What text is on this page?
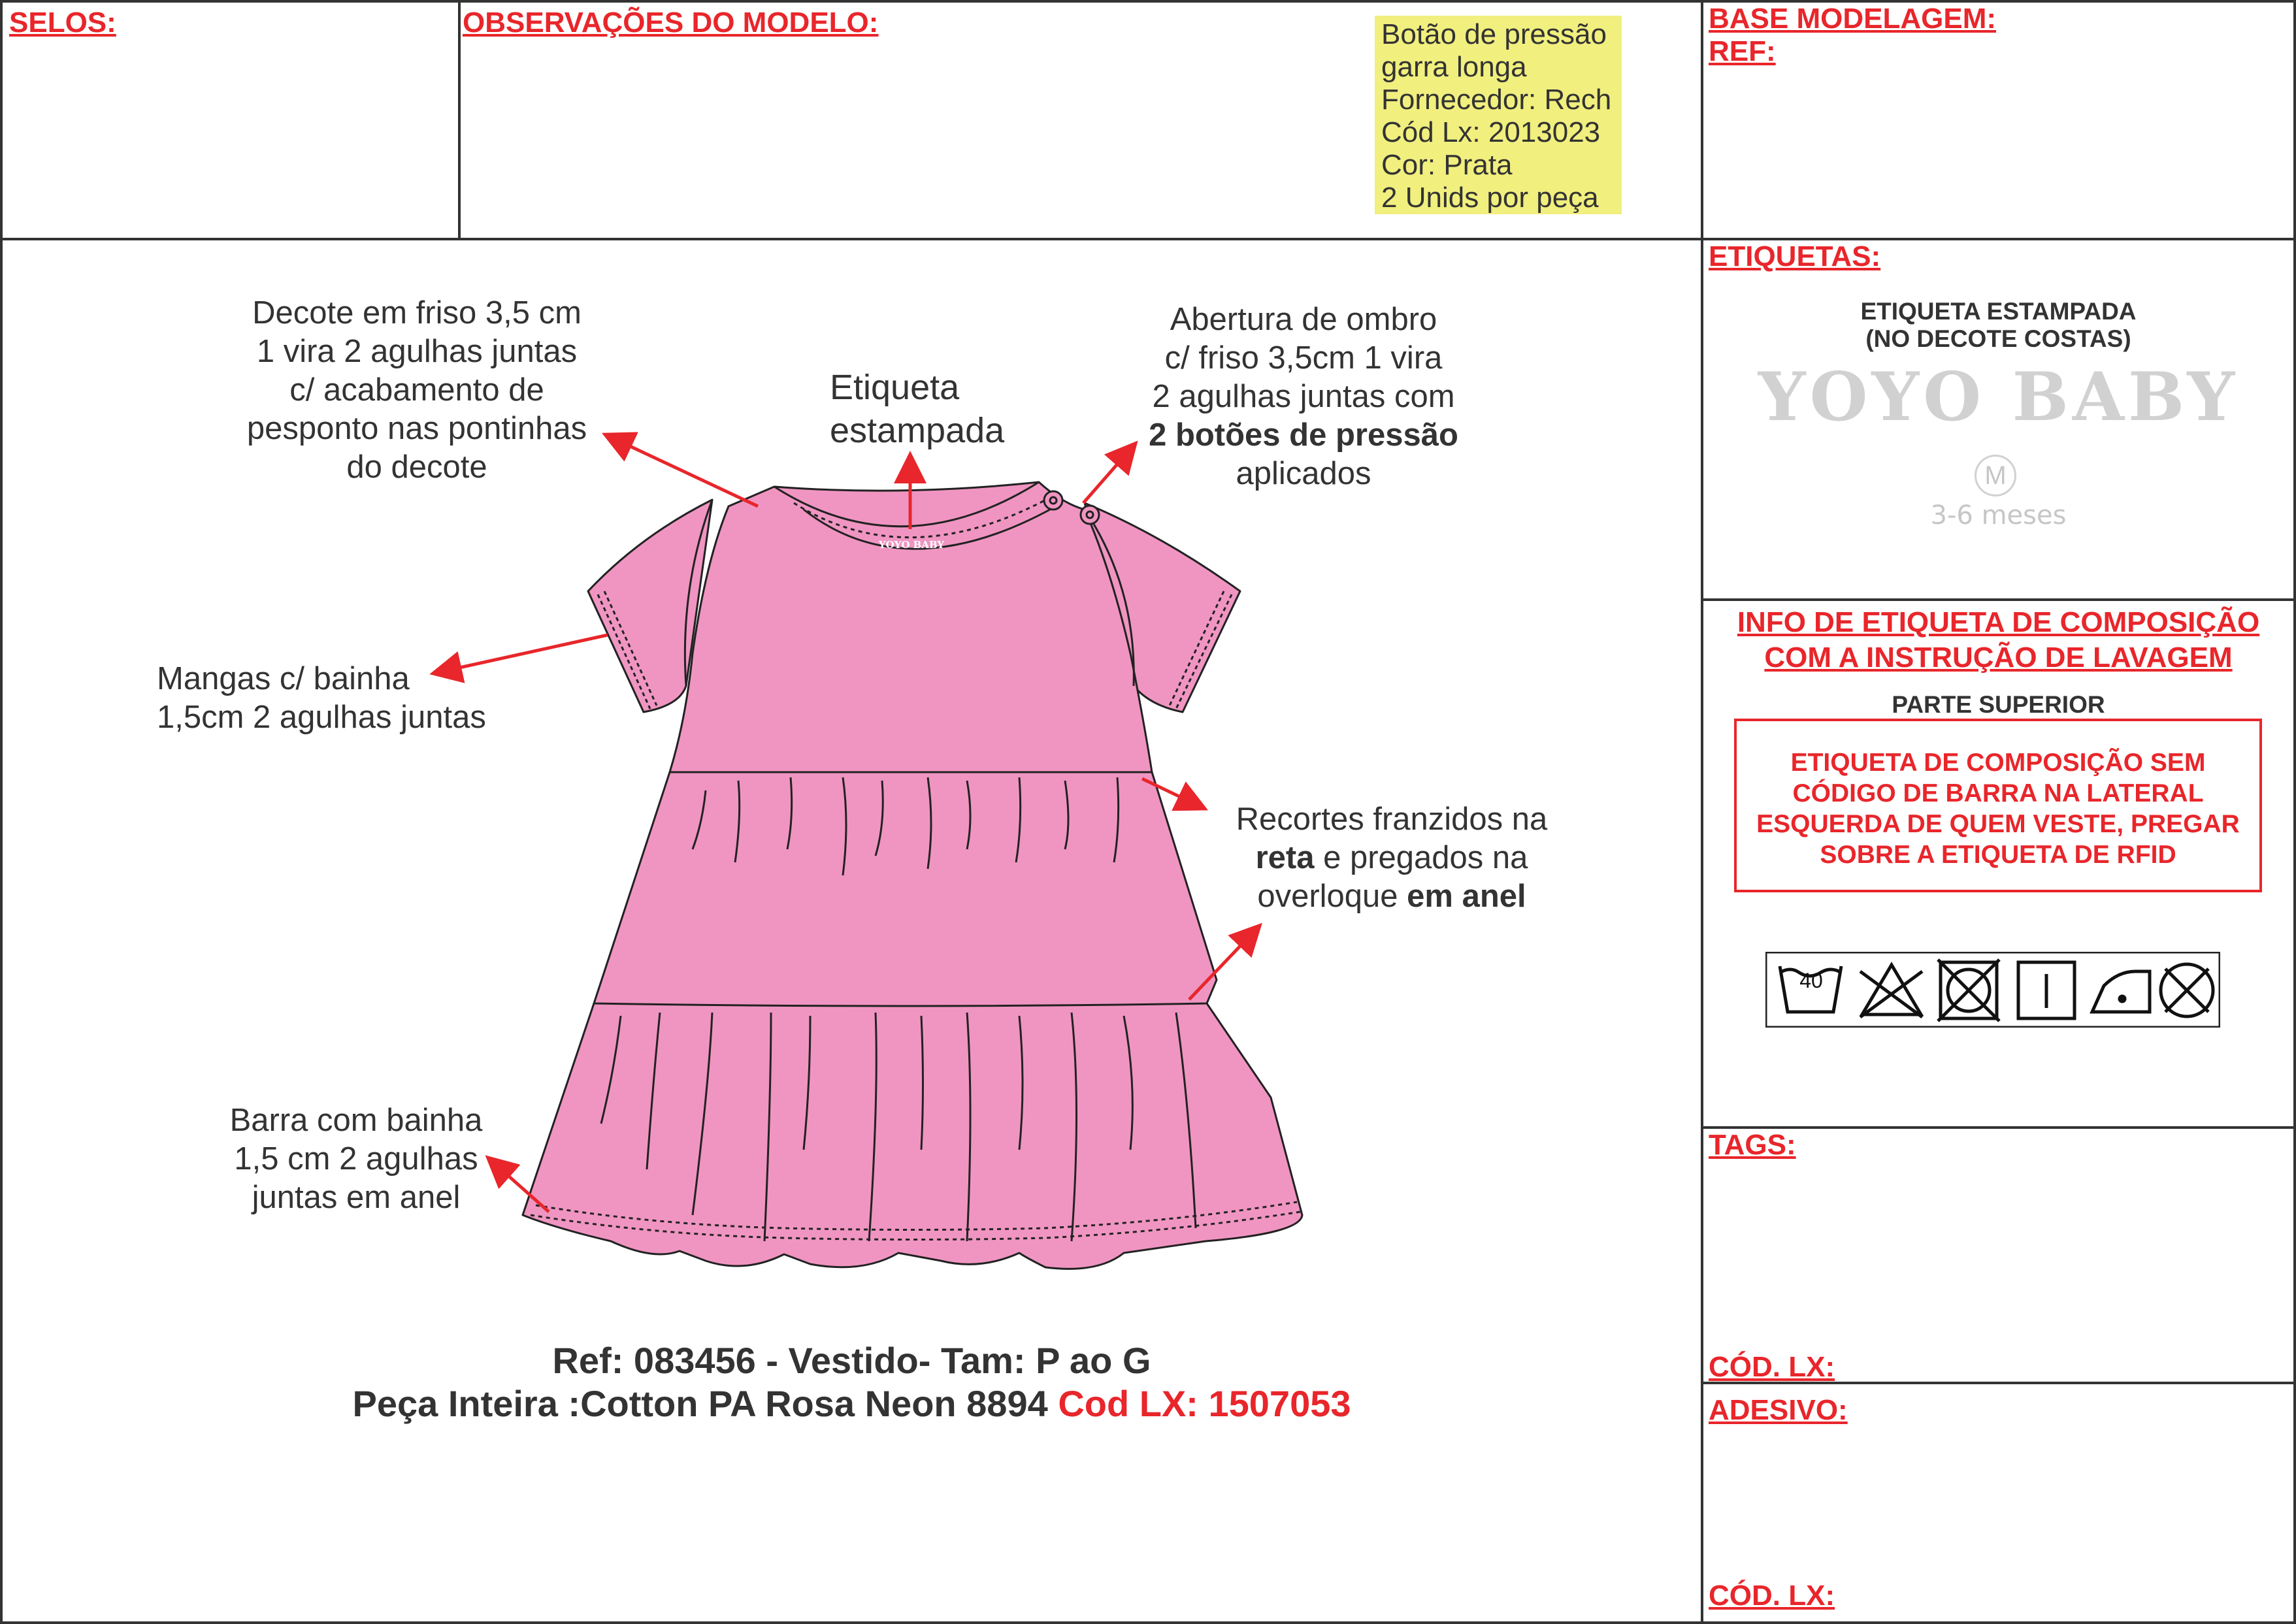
SELOS:	OBSERVAÇÕES DO MODELO:	BASE MODELAGEM:
REF:
Botão de pressão
garra longa
Fornecedor: Rech
Cód Lx: 2013023
Cor: Prata
2 Unids por peça
YOYO BABY
Decote em friso 3,5 cm
1 vira 2 agulhas juntas
c/ acabamento de
pesponto nas pontinhas
do decote
Etiqueta
estampada
Abertura de ombro
c/ friso 3,5cm 1 vira
2 agulhas juntas com
2 botões de pressão
aplicados
Mangas c/ bainha
1,5cm 2 agulhas juntas
Recortes franzidos na
reta e pregados na
overloque em anel
Barra com bainha
1,5 cm 2 agulhas
juntas em anel
Ref: 083456 - Vestido- Tam: P ao G
Peça Inteira :Cotton PA Rosa Neon 8894 Cod LX: 1507053
ETIQUETAS:
ETIQUETA ESTAMPADA
(NO DECOTE COSTAS)
YOYO BABY
M
3-6 meses
INFO DE ETIQUETA DE COMPOSIÇÃO
COM A INSTRUÇÃO DE LAVAGEM
PARTE SUPERIOR
ETIQUETA DE COMPOSIÇÃO SEM
CÓDIGO DE BARRA NA LATERAL
ESQUERDA DE QUEM VESTE, PREGAR
SOBRE A ETIQUETA DE RFID
40
TAGS:
CÓD. LX:
ADESIVO:
CÓD. LX:
